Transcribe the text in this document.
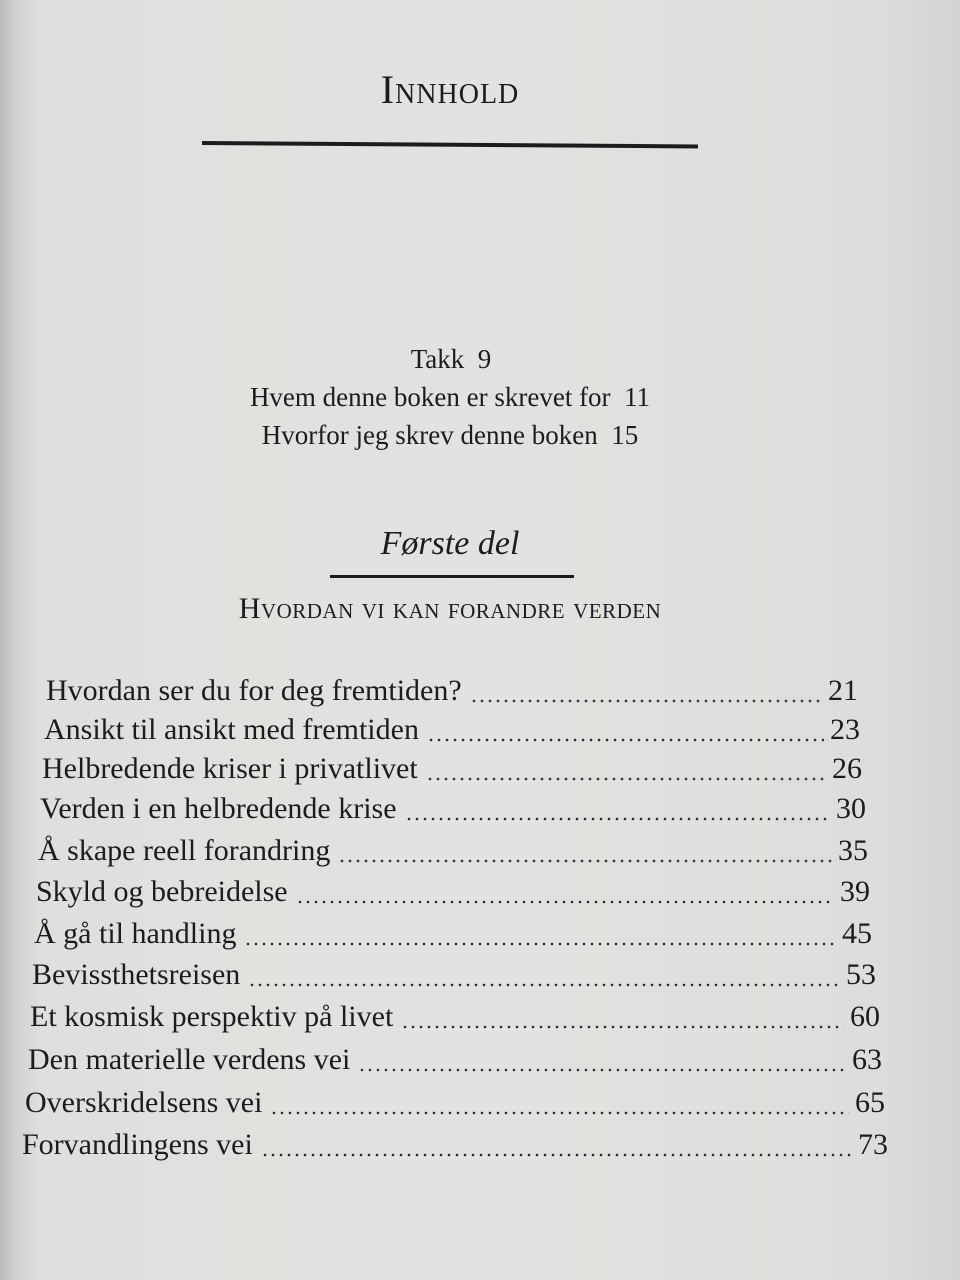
Innhold
Takk 9
Hvem denne boken er skrevet for 11
Hvorfor jeg skrev denne boken 15
Første del
Hvordan vi kan forandre verden
Hvordan ser du for deg fremtiden?	21
Ansikt til ansikt med fremtiden	23
Helbredende kriser i privatlivet	26
Verden i en helbredende krise	30
Å skape reell forandring	35
Skyld og bebreidelse	39
Å gå til handling	45
Bevissthetsreisen	53
Et kosmisk perspektiv på livet	60
Den materielle verdens vei	63
Overskridelsens vei	65
Forvandlingens vei	73
